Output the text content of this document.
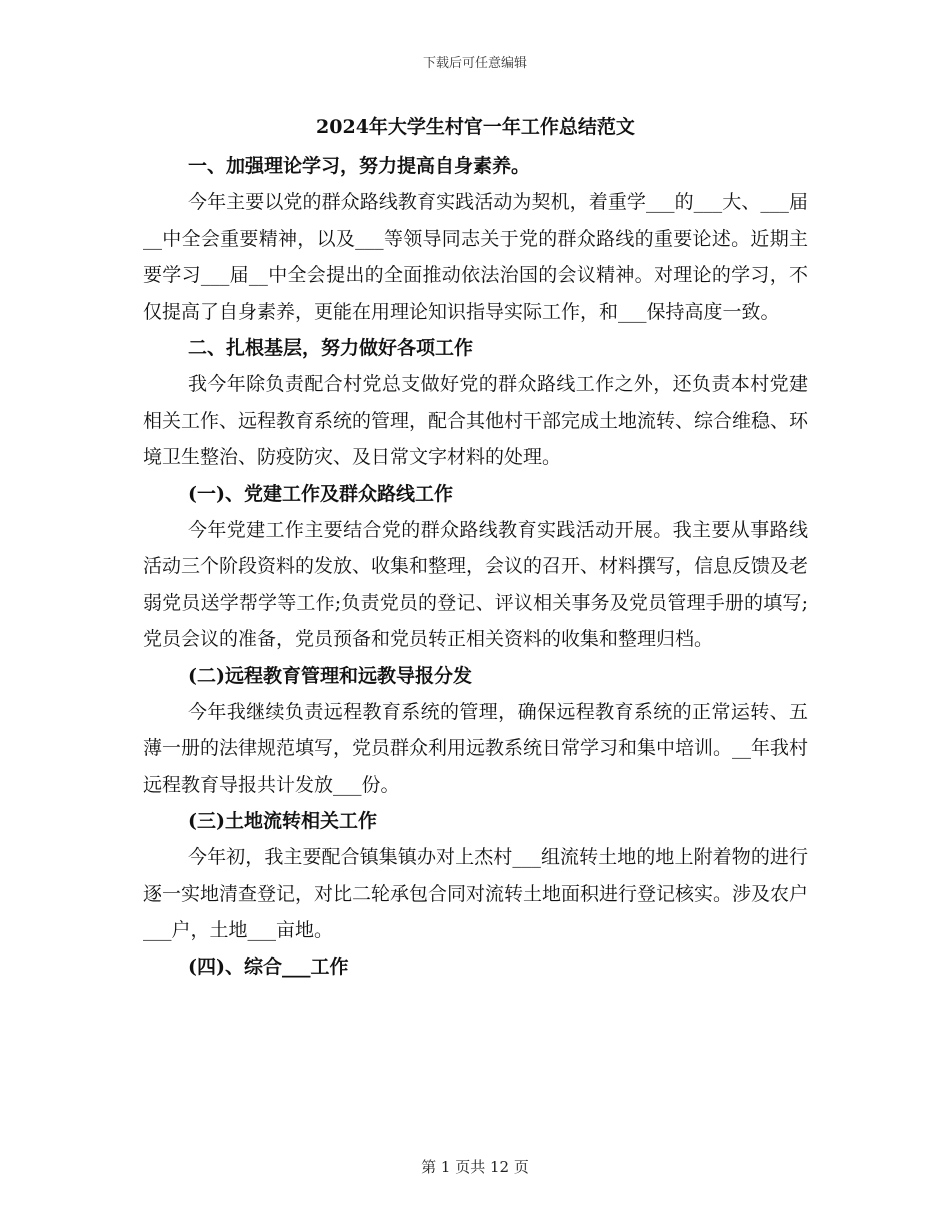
下载后可任意编辑

2024年大学生村官一年工作总结范文
一、加强理论学习，努力提高自身素养。

今年主要以党的群众路线教育实践活动为契机，着重学___的___大、___届__中全会重要精神，以及___等领导同志关于党的群众路线的重要论述。近期主要学习___届__中全会提出的全面推动依法治国的会议精神。对理论的学习，不仅提高了自身素养，更能在用理论知识指导实际工作，和___保持高度一致。

二、扎根基层，努力做好各项工作

我今年除负责配合村党总支做好党的群众路线工作之外，还负责本村党建相关工作、远程教育系统的管理，配合其他村干部完成土地流转、综合维稳、环境卫生整治、防疫防灾、及日常文字材料的处理。

(一)、党建工作及群众路线工作

今年党建工作主要结合党的群众路线教育实践活动开展。我主要从事路线活动三个阶段资料的发放、收集和整理，会议的召开、材料撰写，信息反馈及老弱党员送学帮学等工作;负责党员的登记、评议相关事务及党员管理手册的填写;党员会议的准备，党员预备和党员转正相关资料的收集和整理归档。

(二)远程教育管理和远教导报分发

今年我继续负责远程教育系统的管理，确保远程教育系统的正常运转、五薄一册的法律规范填写，党员群众利用远教系统日常学习和集中培训。__年我村远程教育导报共计发放___份。

(三)土地流转相关工作

今年初，我主要配合镇集镇办对上杰村___组流转土地的地上附着物的进行逐一实地清查登记，对比二轮承包合同对流转土地面积进行登记核实。涉及农户___户，土地___亩地。

(四)、综合___工作

第 1 页共 12 页
